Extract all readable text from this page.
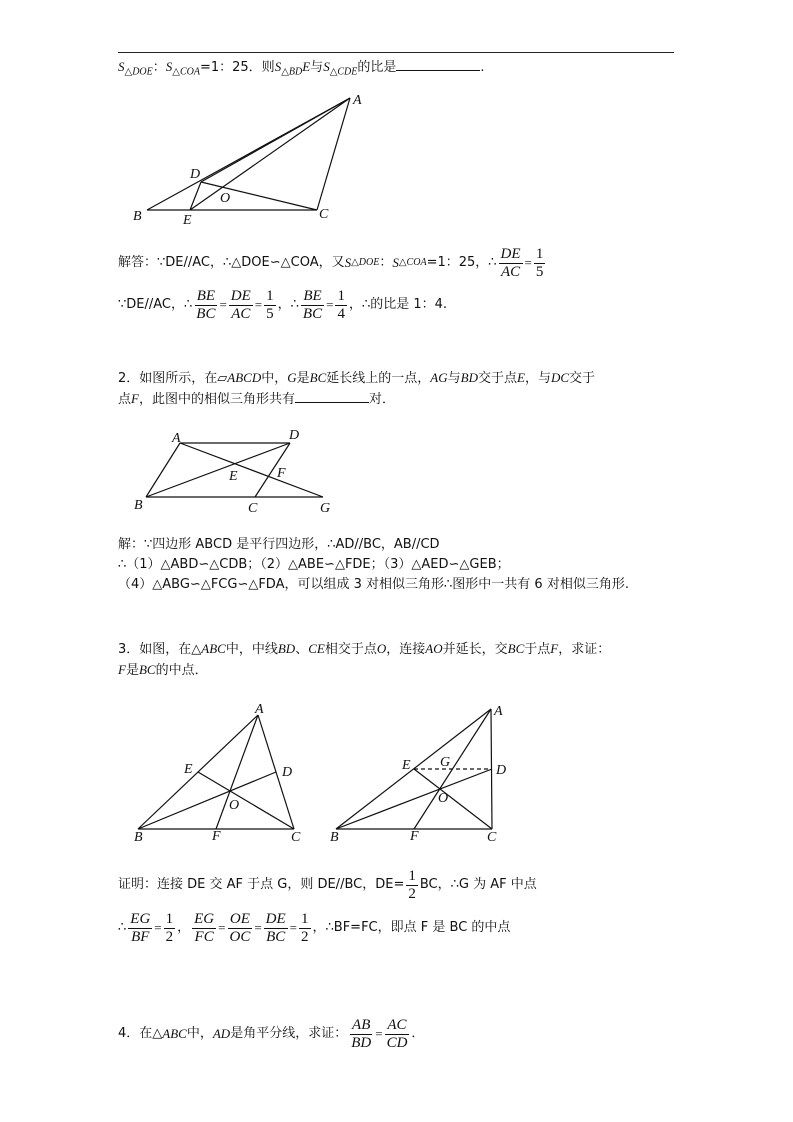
$S_{\triangle DOE}$：$S_{\triangle COA}=1$：25．则$S_{\triangle BD}E$与$S_{\triangle CDE}$的比是	.
A
B	C
D
E
O
解答：∵DE//AC，∴△DOE∽△COA，又 S △DOE ： S △COA =1：25，∴ $\frac{DE}{AC} = \frac{1}{5}$
∵DE//AC，∴ $\frac{BE}{BC} = \frac{DE}{AC} = \frac{1}{5}$ ，∴ $\frac{BE}{BC} = \frac{1}{4}$ ，∴的比是 1：4.
2．如图所示，在▱ABCD中，G是BC延长线上的一点，AG与BD交于点E，与DC交于
点F，此图中的相似三角形共有	对．
A	D
E	F
B	C	G
解：∵四边形 ABCD 是平行四边形，∴AD//BC，AB//CD
∴（1）△ABD∽△CDB；（2）△ABE∽△FDE；（3）△AED∽△GEB；
（4）△ABG∽△FCG∽△FDA，可以组成 3 对相似三角形∴图形中一共有 6 对相似三角形.
3．如图，在△ABC中，中线BD、CE相交于点O，连接AO并延长，交BC于点F，求证：
F是BC的中点．
A
B	C
D
E
F
O
A
B	C
D
E
F
G
O
证明：连接 DE 交 AF 于点 G，则 DE//BC，$DE= \frac{1}{2}$ BC，∴G 为 AF 中点
∴ $\frac{EG}{BF} = \frac{1}{2}$ ， $\frac{EG}{FC} = \frac{OE}{OC} = \frac{DE}{BC} = \frac{1}{2}$ ，∴BF=FC，即点 F 是 BC 的中点
4．在△ ABC 中， AD 是角平分线，求证： $\frac{AB}{BD} = \frac{AC}{CD}$ ．
